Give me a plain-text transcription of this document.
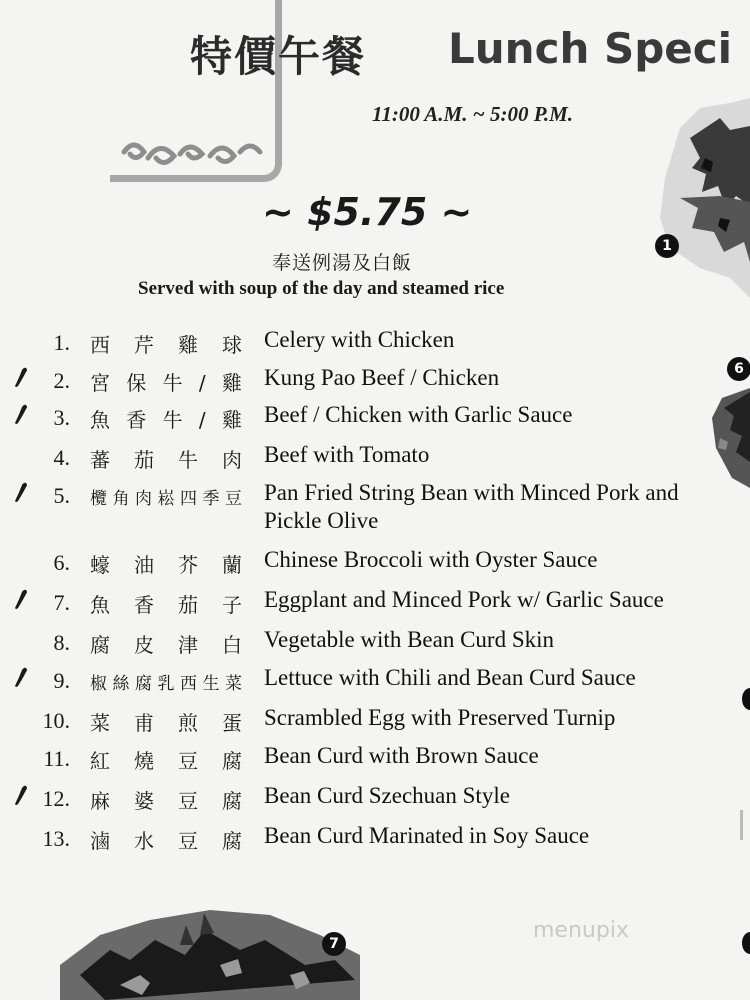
特價午餐 Lunch Speci
11:00 A.M. ~ 5:00 P.M.
~ $5.75 ~
奉送例湯及白飯
Served with soup of the day and steamed rice
1. 西芹雞球 Celery with Chicken
2. 宮保牛/雞 Kung Pao Beef / Chicken
3. 魚香牛/雞 Beef / Chicken with Garlic Sauce
4. 蕃茄牛肉 Beef with Tomato
5. 欖角肉崧四季豆 Pan Fried String Bean with Minced Pork and Pickle Olive
6. 蠔油芥蘭 Chinese Broccoli with Oyster Sauce
7. 魚香茄子 Eggplant and Minced Pork w/ Garlic Sauce
8. 腐皮津白 Vegetable with Bean Curd Skin
9. 椒絲腐乳西生菜 Lettuce with Chili and Bean Curd Sauce
10. 菜甫煎蛋 Scrambled Egg with Preserved Turnip
11. 紅燒豆腐 Bean Curd with Brown Sauce
12. 麻婆豆腐 Bean Curd Szechuan Style
13. 滷水豆腐 Bean Curd Marinated in Soy Sauce
1
6
7
menupix
